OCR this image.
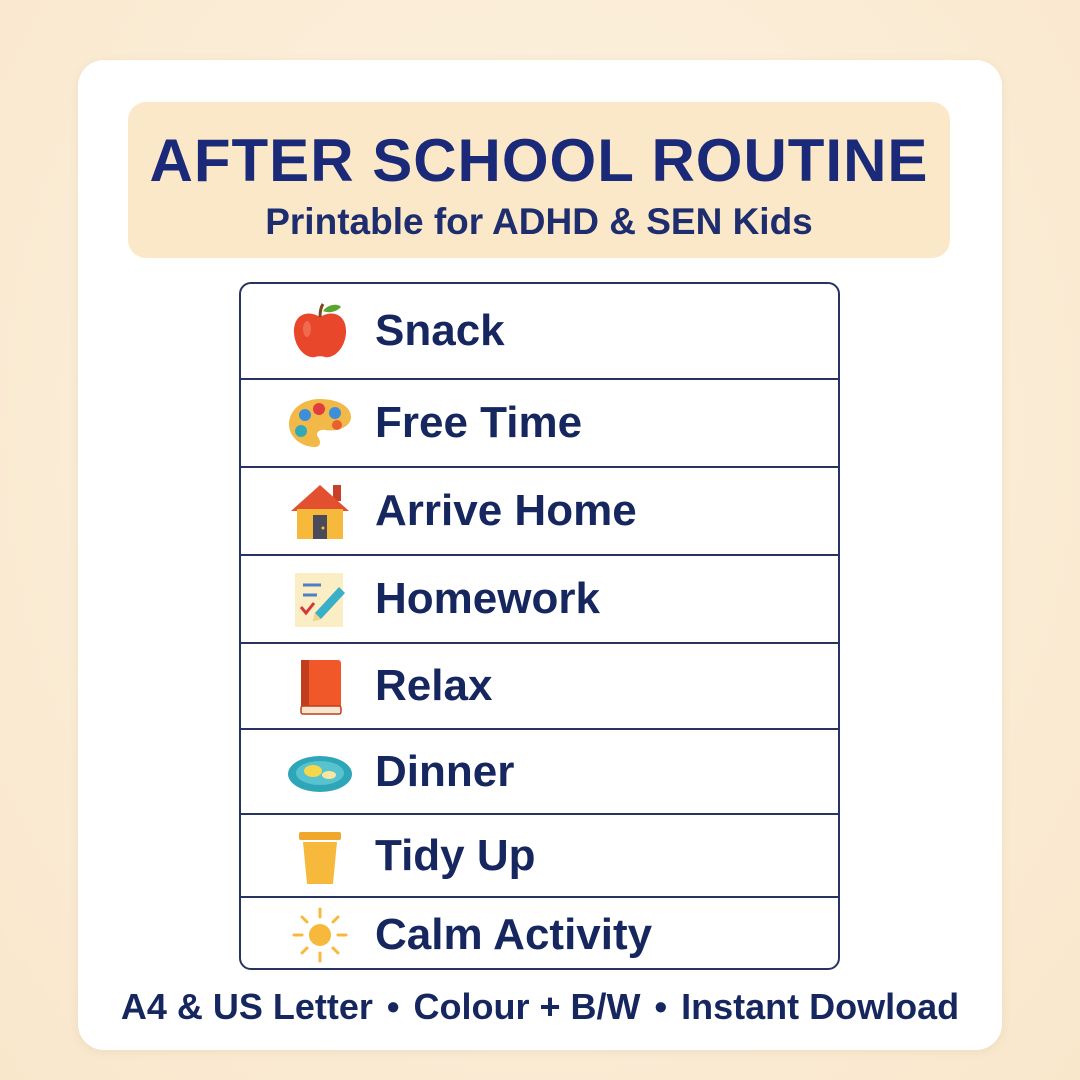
AFTER SCHOOL ROUTINE
Printable for ADHD & SEN Kids
Snack
Free Time
Arrive Home
Homework
Relax
Dinner
Tidy Up
Calm Activity
A4 & US Letter • Colour + B/W • Instant Dowload
